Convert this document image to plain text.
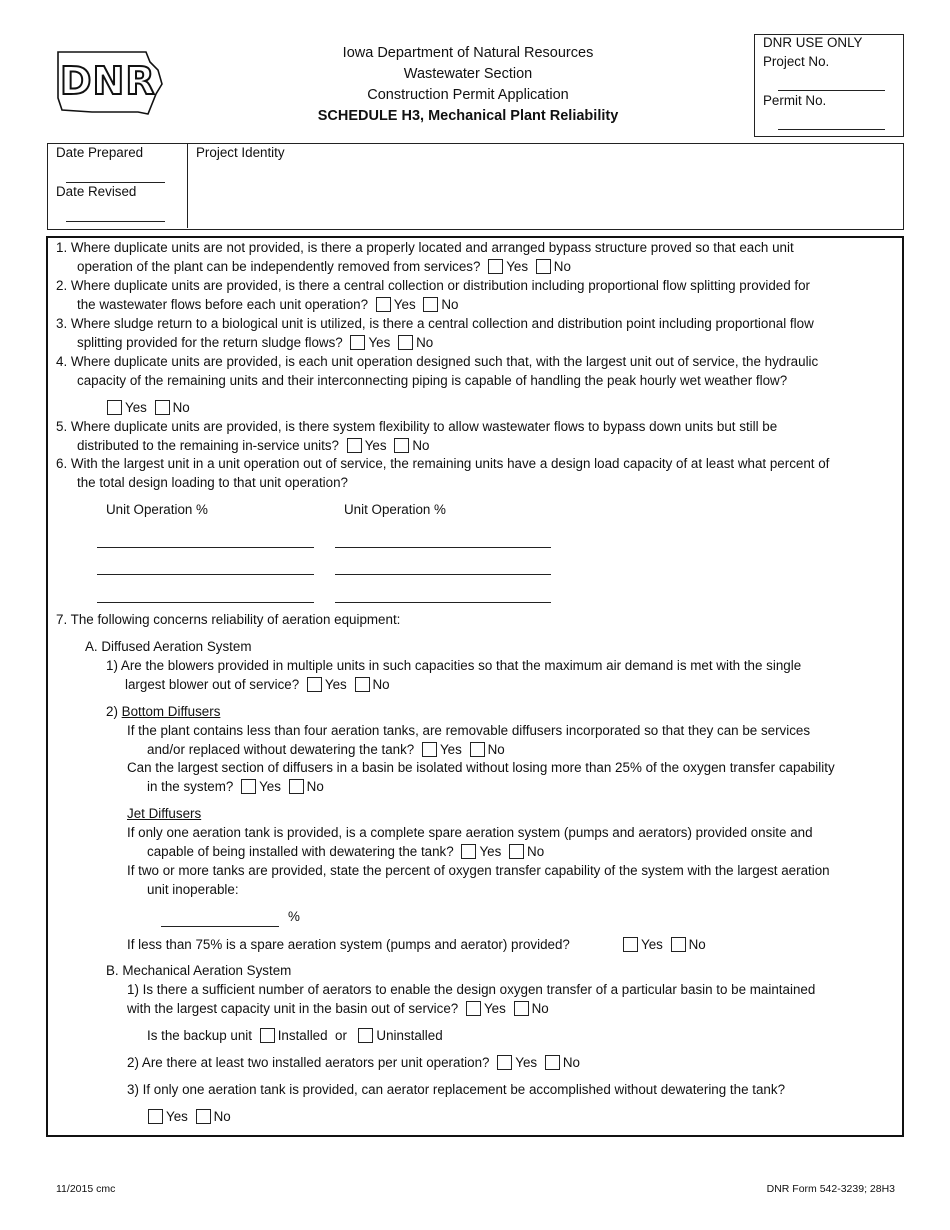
DNR
Iowa Department of Natural Resources
Wastewater Section
Construction Permit Application
SCHEDULE H3, Mechanical Plant Reliability
DNR USE ONLY
Project No.
Permit No.
Date Prepared
Date Revised
Project Identity
1. Where duplicate units are not provided, is there a properly located and arranged bypass structure proved so that each unit
operation of the plant can be independently removed from services? Yes No
2. Where duplicate units are provided, is there a central collection or distribution including proportional flow splitting provided for
the wastewater flows before each unit operation? Yes No
3. Where sludge return to a biological unit is utilized, is there a central collection and distribution point including proportional flow
splitting provided for the return sludge flows? Yes No
4. Where duplicate units are provided, is each unit operation designed such that, with the largest unit out of service, the hydraulic
capacity of the remaining units and their interconnecting piping is capable of handling the peak hourly wet weather flow?
Yes No
5. Where duplicate units are provided, is there system flexibility to allow wastewater flows to bypass down units but still be
distributed to the remaining in-service units? Yes No
6. With the largest unit in a unit operation out of service, the remaining units have a design load capacity of at least what percent of
the total design loading to that unit operation?
Unit Operation %	Unit Operation %
7. The following concerns reliability of aeration equipment:
A. Diffused Aeration System
1) Are the blowers provided in multiple units in such capacities so that the maximum air demand is met with the single
largest blower out of service? Yes No
2) Bottom Diffusers
If the plant contains less than four aeration tanks, are removable diffusers incorporated so that they can be services
and/or replaced without dewatering the tank? Yes No
Can the largest section of diffusers in a basin be isolated without losing more than 25% of the oxygen transfer capability
in the system? Yes No
Jet Diffusers
If only one aeration tank is provided, is a complete spare aeration system (pumps and aerators) provided onsite and
capable of being installed with dewatering the tank? Yes No
If two or more tanks are provided, state the percent of oxygen transfer capability of the system with the largest aeration
unit inoperable:
%
If less than 75% is a spare aeration system (pumps and aerator) provided?	Yes No
B. Mechanical Aeration System
1) Is there a sufficient number of aerators to enable the design oxygen transfer of a particular basin to be maintained
with the largest capacity unit in the basin out of service? Yes No
Is the backup unit Installed or Uninstalled
2) Are there at least two installed aerators per unit operation? Yes No
3) If only one aeration tank is provided, can aerator replacement be accomplished without dewatering the tank?
Yes No
11/2015 cmc	DNR Form 542-3239; 28H3
